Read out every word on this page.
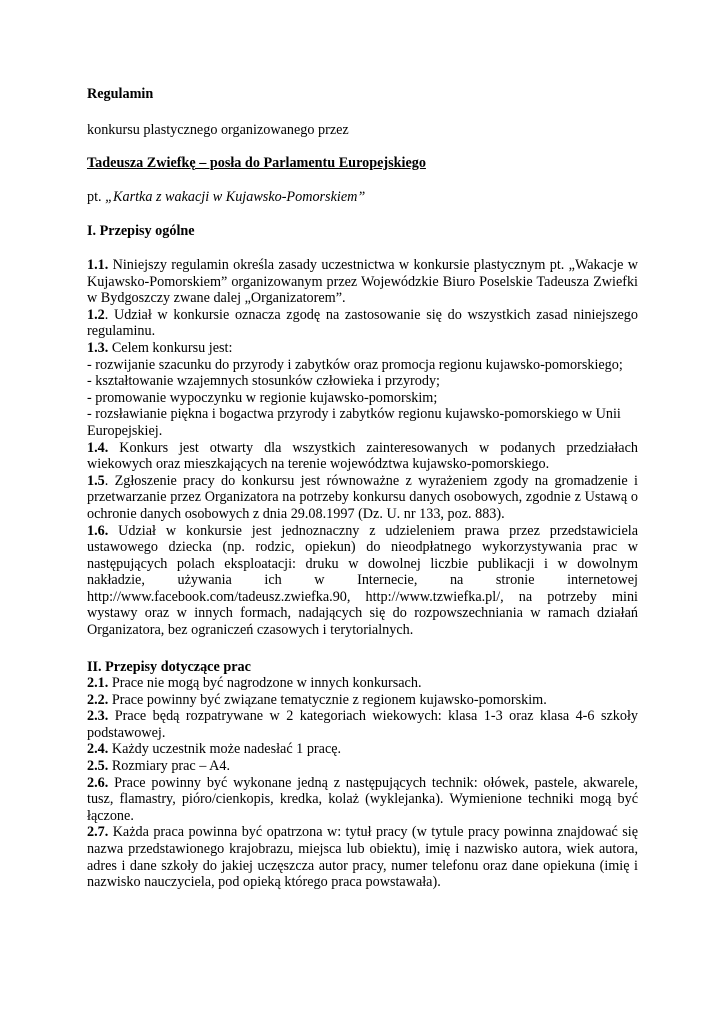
Regulamin

konkursu plastycznego organizowanego przez

Tadeusza Zwiefkę – posła do Parlamentu Europejskiego

pt. „Kartka z wakacji w Kujawsko-Pomorskiem”

I. Przepisy ogólne

1.1. Niniejszy regulamin określa zasady uczestnictwa w konkursie plastycznym pt. „Wakacje w Kujawsko-Pomorskiem” organizowanym przez Wojewódzkie Biuro Poselskie Tadeusza Zwiefki w Bydgoszczy zwane dalej „Organizatorem”.
1.2. Udział w konkursie oznacza zgodę na zastosowanie się do wszystkich zasad niniejszego regulaminu.
1.3. Celem konkursu jest:
- rozwijanie szacunku do przyrody i zabytków oraz promocja regionu kujawsko-pomorskiego;
- kształtowanie wzajemnych stosunków człowieka i przyrody;
- promowanie wypoczynku w regionie kujawsko-pomorskim;
- rozsławianie piękna i bogactwa przyrody i zabytków regionu kujawsko-pomorskiego w Unii Europejskiej.
1.4. Konkurs jest otwarty dla wszystkich zainteresowanych w podanych przedziałach wiekowych oraz mieszkających na terenie województwa kujawsko-pomorskiego.
1.5. Zgłoszenie pracy do konkursu jest równoważne z wyrażeniem zgody na gromadzenie i przetwarzanie przez Organizatora na potrzeby konkursu danych osobowych, zgodnie z Ustawą o ochronie danych osobowych z dnia 29.08.1997 (Dz. U. nr 133, poz. 883).
1.6. Udział w konkursie jest jednoznaczny z udzieleniem prawa przez przedstawiciela ustawowego dziecka (np. rodzic, opiekun) do nieodpłatnego wykorzystywania prac w następujących polach eksploatacji: druku w dowolnej liczbie publikacji i w dowolnym nakładzie, używania ich w Internecie, na stronie internetowej http://www.facebook.com/tadeusz.zwiefka.90, http://www.tzwiefka.pl/, na potrzeby mini wystawy oraz w innych formach, nadających się do rozpowszechniania w ramach działań Organizatora, bez ograniczeń czasowych i terytorialnych.

II. Przepisy dotyczące prac

2.1. Prace nie mogą być nagrodzone w innych konkursach.
2.2. Prace powinny być związane tematycznie z regionem kujawsko-pomorskim.
2.3. Prace będą rozpatrywane w 2 kategoriach wiekowych: klasa 1-3 oraz klasa 4-6 szkoły podstawowej.
2.4. Każdy uczestnik może nadesłać 1 pracę.
2.5. Rozmiary prac – A4.
2.6. Prace powinny być wykonane jedną z następujących technik: ołówek, pastele, akwarele, tusz, flamastry, pióro/cienkopis, kredka, kolaż (wyklejanka). Wymienione techniki mogą być łączone.
2.7. Każda praca powinna być opatrzona w: tytuł pracy (w tytule pracy powinna znajdować się nazwa przedstawionego krajobrazu, miejsca lub obiektu), imię i nazwisko autora, wiek autora, adres i dane szkoły do jakiej uczęszcza autor pracy, numer telefonu oraz dane opiekuna (imię i nazwisko nauczyciela, pod opieką którego praca powstawała).
